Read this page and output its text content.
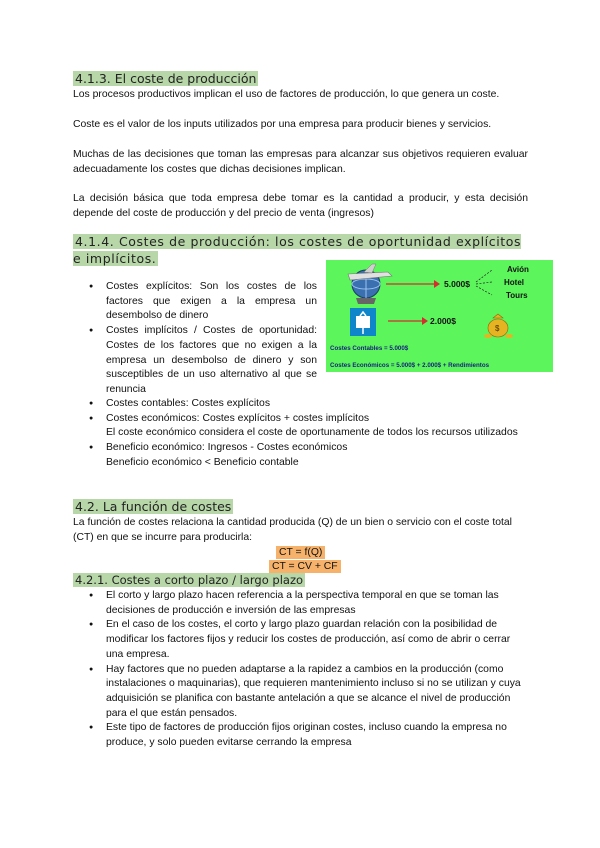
4.1.3. El coste de producción

Los procesos productivos implican el uso de factores de producción, lo que genera un coste.

Coste es el valor de los inputs utilizados por una empresa para producir bienes y servicios.

Muchas de las decisiones que toman las empresas para alcanzar sus objetivos requieren evaluar adecuadamente los costes que dichas decisiones implican.

La decisión básica que toda empresa debe tomar es la cantidad a producir, y esta decisión depende del coste de producción y del precio de venta (ingresos)

4.1.4. Costes de producción: los costes de oportunidad explícitos e implícitos.
● Costes explícitos: Son los costes de los factores que exigen a la empresa un desembolso de dinero
● Costes implícitos / Costes de oportunidad: Costes de los factores que no exigen a la empresa un desembolso de dinero y son susceptibles de un uso alternativo al que se renuncia
● Costes contables: Costes explícitos
● Costes económicos: Costes explícitos + costes implícitos

El coste económico considera el coste de oportunamente de todos los recursos utilizados
● Beneficio económico: Ingresos - Costes económicos
Beneficio económico < Beneficio contable
5.000$
Avión
Hotel
Tours
2.000$
$
Costes Contables = 5.000$
Costes Económicos = 5.000$ + 2.000$ + Rendimientos
4.2. La función de costes

La función de costes relaciona la cantidad producida (Q) de un bien o servicio con el coste total (CT) en que se incurre para producirla:

CT = f(Q)
CT = CV + CF
4.2.1. Costes a corto plazo / largo plazo
● El corto y largo plazo hacen referencia a la perspectiva temporal en que se toman las decisiones de producción e inversión de las empresas
● En el caso de los costes, el corto y largo plazo guardan relación con la posibilidad de modificar los factores fijos y reducir los costes de producción, así como de abrir o cerrar una empresa.
● Hay factores que no pueden adaptarse a la rapidez a cambios en la producción (como instalaciones o maquinarias), que requieren mantenimiento incluso si no se utilizan y cuya adquisición se planifica con bastante antelación a que se alcance el nivel de producción para el que están pensados.
● Este tipo de factores de producción fijos originan costes, incluso cuando la empresa no produce, y solo pueden evitarse cerrando la empresa
